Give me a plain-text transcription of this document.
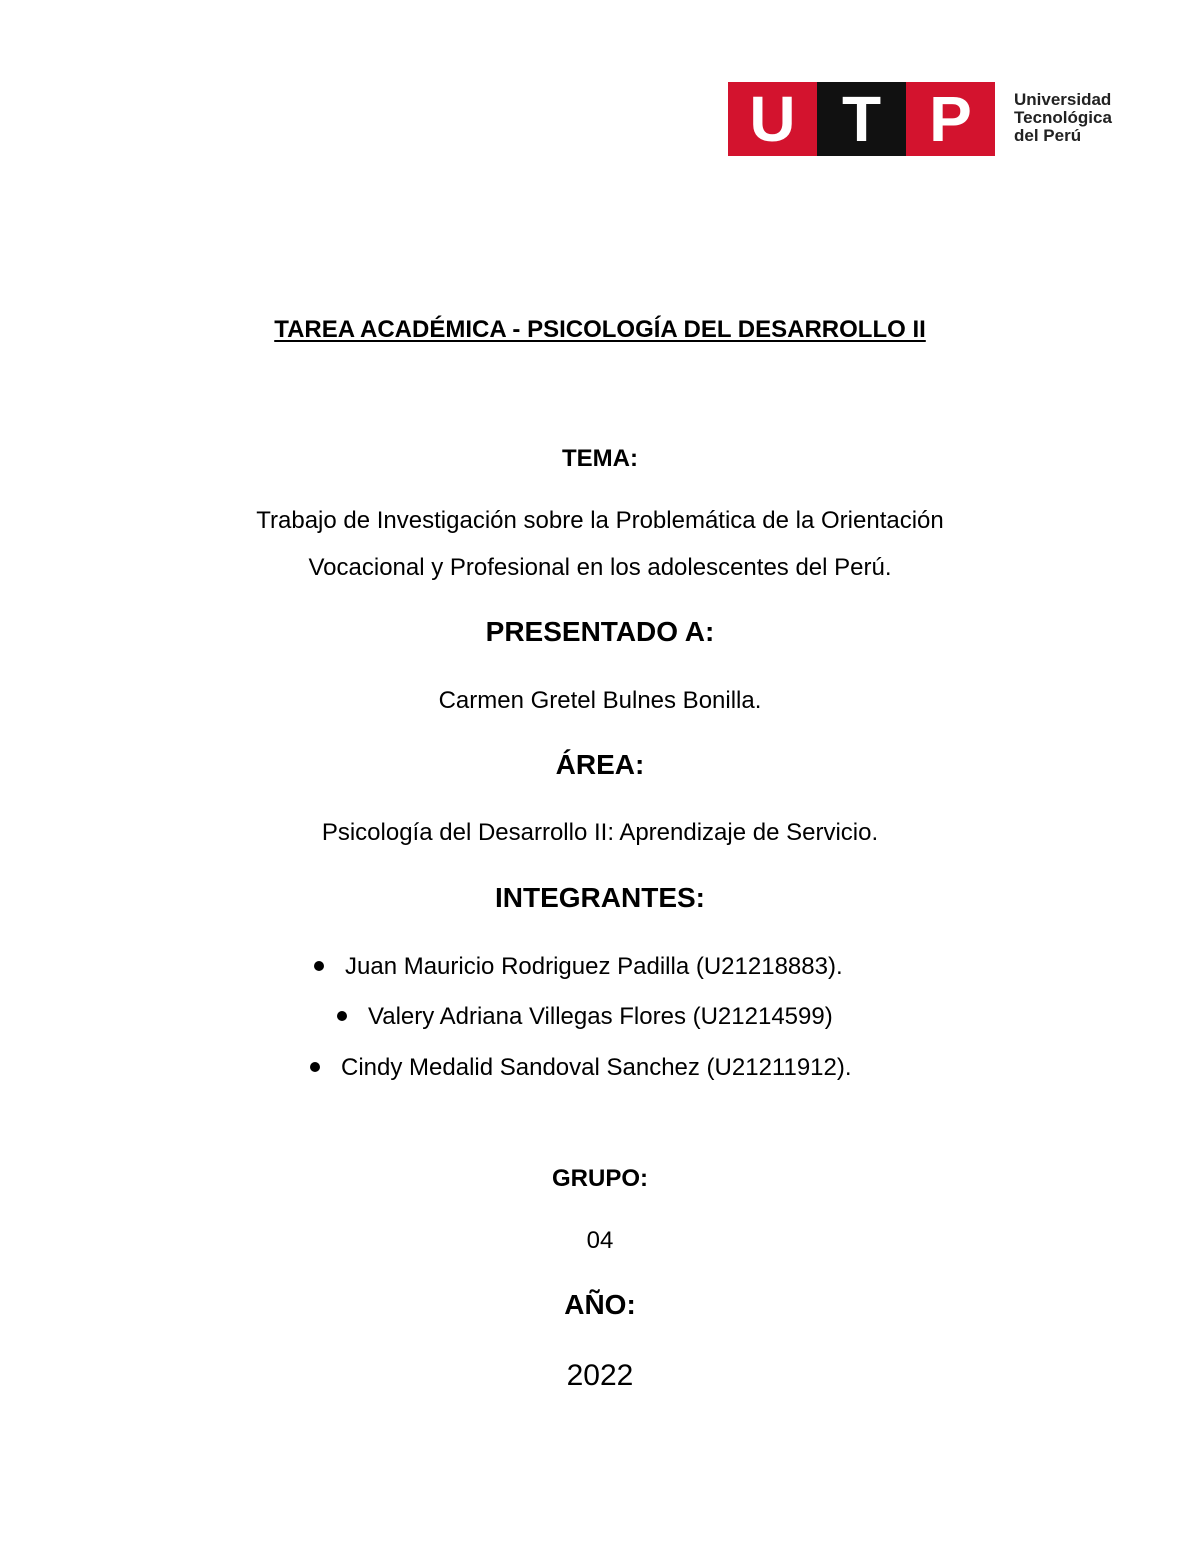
U T P	Universidad
Tecnológica
del Perú
TAREA ACADÉMICA - PSICOLOGÍA DEL DESARROLLO II
TEMA:
Trabajo de Investigación sobre la Problemática de la Orientación
Vocacional y Profesional en los adolescentes del Perú.
PRESENTADO A:
Carmen Gretel Bulnes Bonilla.
ÁREA:
Psicología del Desarrollo II: Aprendizaje de Servicio.
INTEGRANTES:
Juan Mauricio Rodriguez Padilla (U21218883).
Valery Adriana Villegas Flores (U21214599)
Cindy Medalid Sandoval Sanchez (U21211912).
GRUPO:
04
AÑO:
2022
